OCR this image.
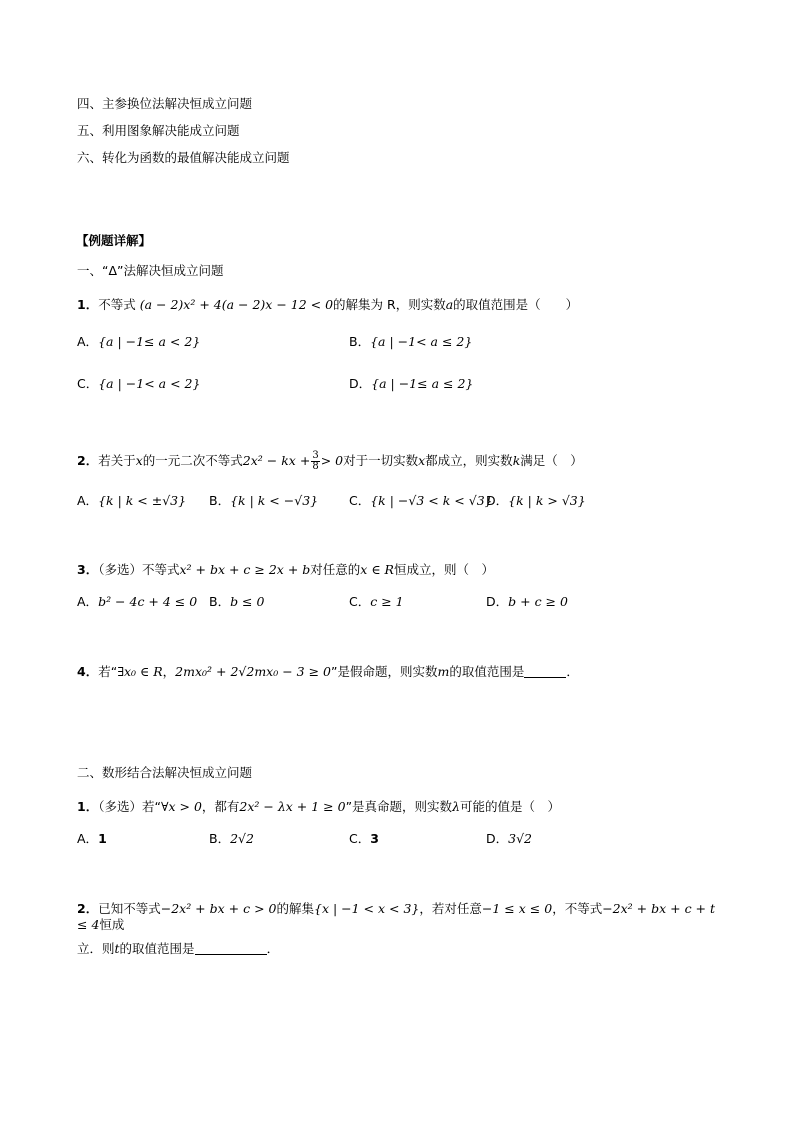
四、主参换位法解决恒成立问题
五、利用图象解决能成立问题
六、转化为函数的最值解决能成立问题
【例题详解】
一、“Δ”法解决恒成立问题
1．不等式 (a − 2)x² + 4(a − 2)x − 12 < 0的解集为 R，则实数a的取值范围是（　　）
A．{a | −1≤ a < 2}	B．{a | −1< a ≤ 2}
C．{a | −1< a < 2}	D．{a | −1≤ a ≤ 2}
2．若关于x的一元二次不等式2x² − kx + $\frac{3}{8} > 0$对于一切实数x都成立，则实数k满足（　）
A．{k | k < ±√3} B．{k | k < −√3} C．{k | −√3 < k < √3}
D．{k | k > √3}
3．（多选）不等式x² + bx + c ≥ 2x + b对任意的x ∈ R恒成立，则（　）
A．b² − 4c + 4 ≤ 0 B．b ≤ 0	C．c ≥ 1	D．b + c ≥ 0
4．若“∃x₀ ∈ R，2mx₀² + 2√2mx₀ − 3 ≥ 0”是假命题，则实数m的取值范围是	．
二、数形结合法解决恒成立问题
1．（多选）若“∀x > 0，都有2x² − λx + 1 ≥ 0”是真命题，则实数λ可能的值是（　）
A．1	B．2√2	C．3	D．3√2
2．已知不等式−2x² + bx + c > 0的解集{x | −1 < x < 3}，若对任意−1 ≤ x ≤ 0，不等式−2x² + bx + c + t ≤ 4恒成
立．则t的取值范围是	．
